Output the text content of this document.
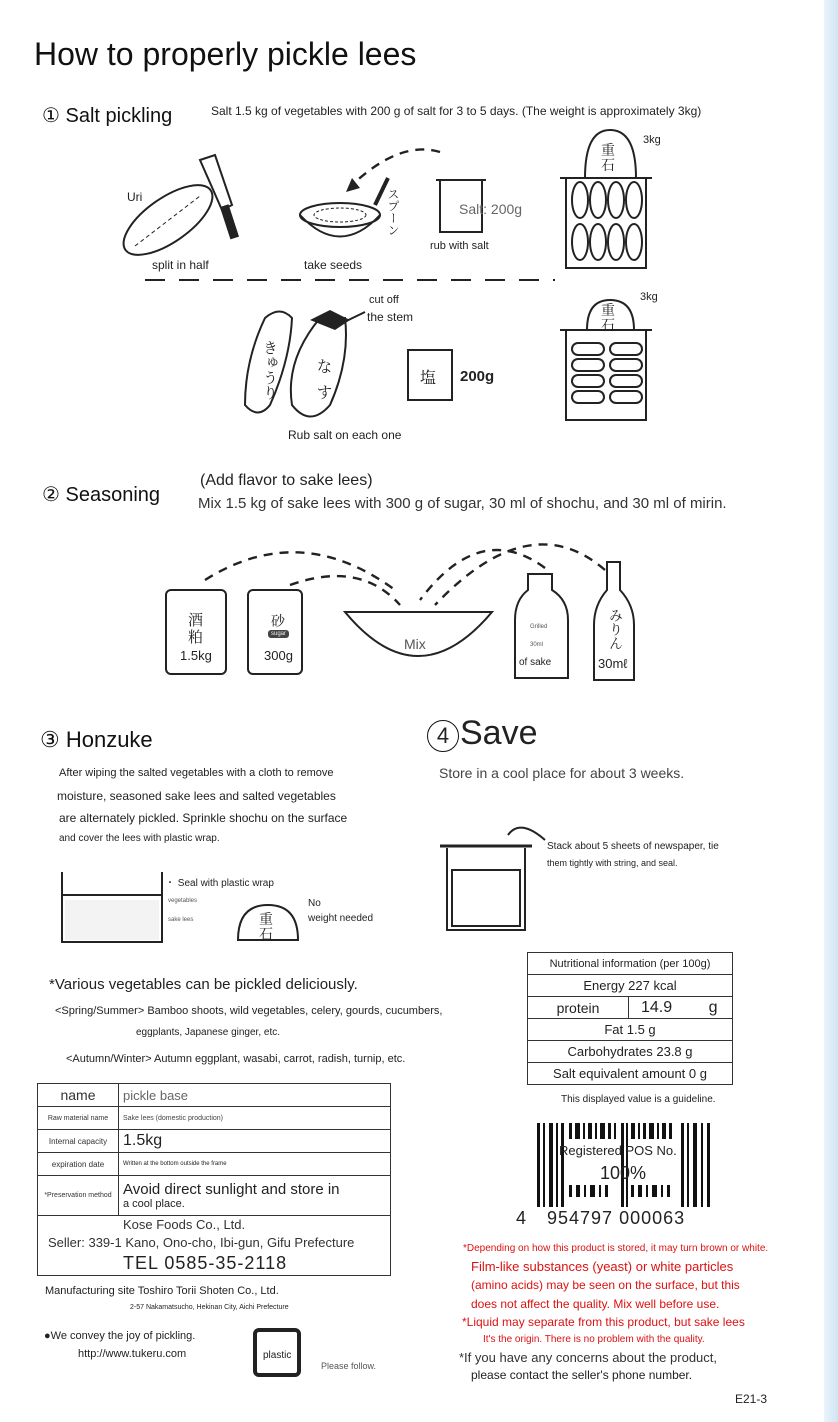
How to properly pickle lees
① Salt pickling	Salt 1.5 kg of vegetables with 200 g of salt for 3 to 5 days. (The weight is approximately 3kg)
Uri
split in half	take seeds
スプーン	Salt: 200g
rub with salt
3kg
重石
3kg
重石
cut off
the stem
きゅうり なす	塩 200g
Rub salt on each one
② Seasoning
(Add flavor to sake lees)
Mix 1.5 kg of sake lees with 300 g of sugar, 30 ml of shochu, and 30 ml of mirin.
酒粕
1.5kg
砂
sugar
300g
Mix
Grilled
30ml
of sake
みりん
30mℓ
③ Honzuke
After wiping the salted vegetables with a cloth to remove
moisture, seasoned sake lees and salted vegetables
are alternately pickled. Sprinkle shochu on the surface
and cover the lees with plastic wrap.
・ Seal with plastic wrap
vegetables
sake lees	重石
No
weight needed
4 Save
Store in a cool place for about 3 weeks.
Stack about 5 sheets of newspaper, tie
them tightly with string, and seal.
*Various vegetables can be pickled deliciously.
<Spring/Summer> Bamboo shoots, wild vegetables, celery, gourds, cucumbers,
eggplants, Japanese ginger, etc.
<Autumn/Winter> Autumn eggplant, wasabi, carrot, radish, turnip, etc.
name	pickle base
Raw material name	Sake lees (domestic production)
Internal capacity	1.5kg
expiration date	Written at the bottom outside the frame
*Preservation method	Avoid direct sunlight and store in
a cool place.

Kose Foods Co., Ltd.
Seller: 339-1 Kano, Ono-cho, Ibi-gun, Gifu Prefecture
TEL 0585-35-2118	
Manufacturing site Toshiro Torii Shoten Co., Ltd.
2-57 Nakamatsucho, Hekinan City, Aichi Prefecture
●We convey the joy of pickling.
http://www.tukeru.com	plastic
Please follow.
Nutritional information (per 100g)
Energy 227 kcal
protein	14.9 g
Fat 1.5 g
Carbohydrates 23.8 g
Salt equivalent amount 0 g
This displayed value is a guideline.
Registered POS No.
100%
4 954797 000063
*Depending on how this product is stored, it may turn brown or white.
Film-like substances (yeast) or white particles
(amino acids) may be seen on the surface, but this
does not affect the quality. Mix well before use.
*Liquid may separate from this product, but sake lees
It's the origin. There is no problem with the quality.
*If you have any concerns about the product,
please contact the seller's phone number.
E21-3
